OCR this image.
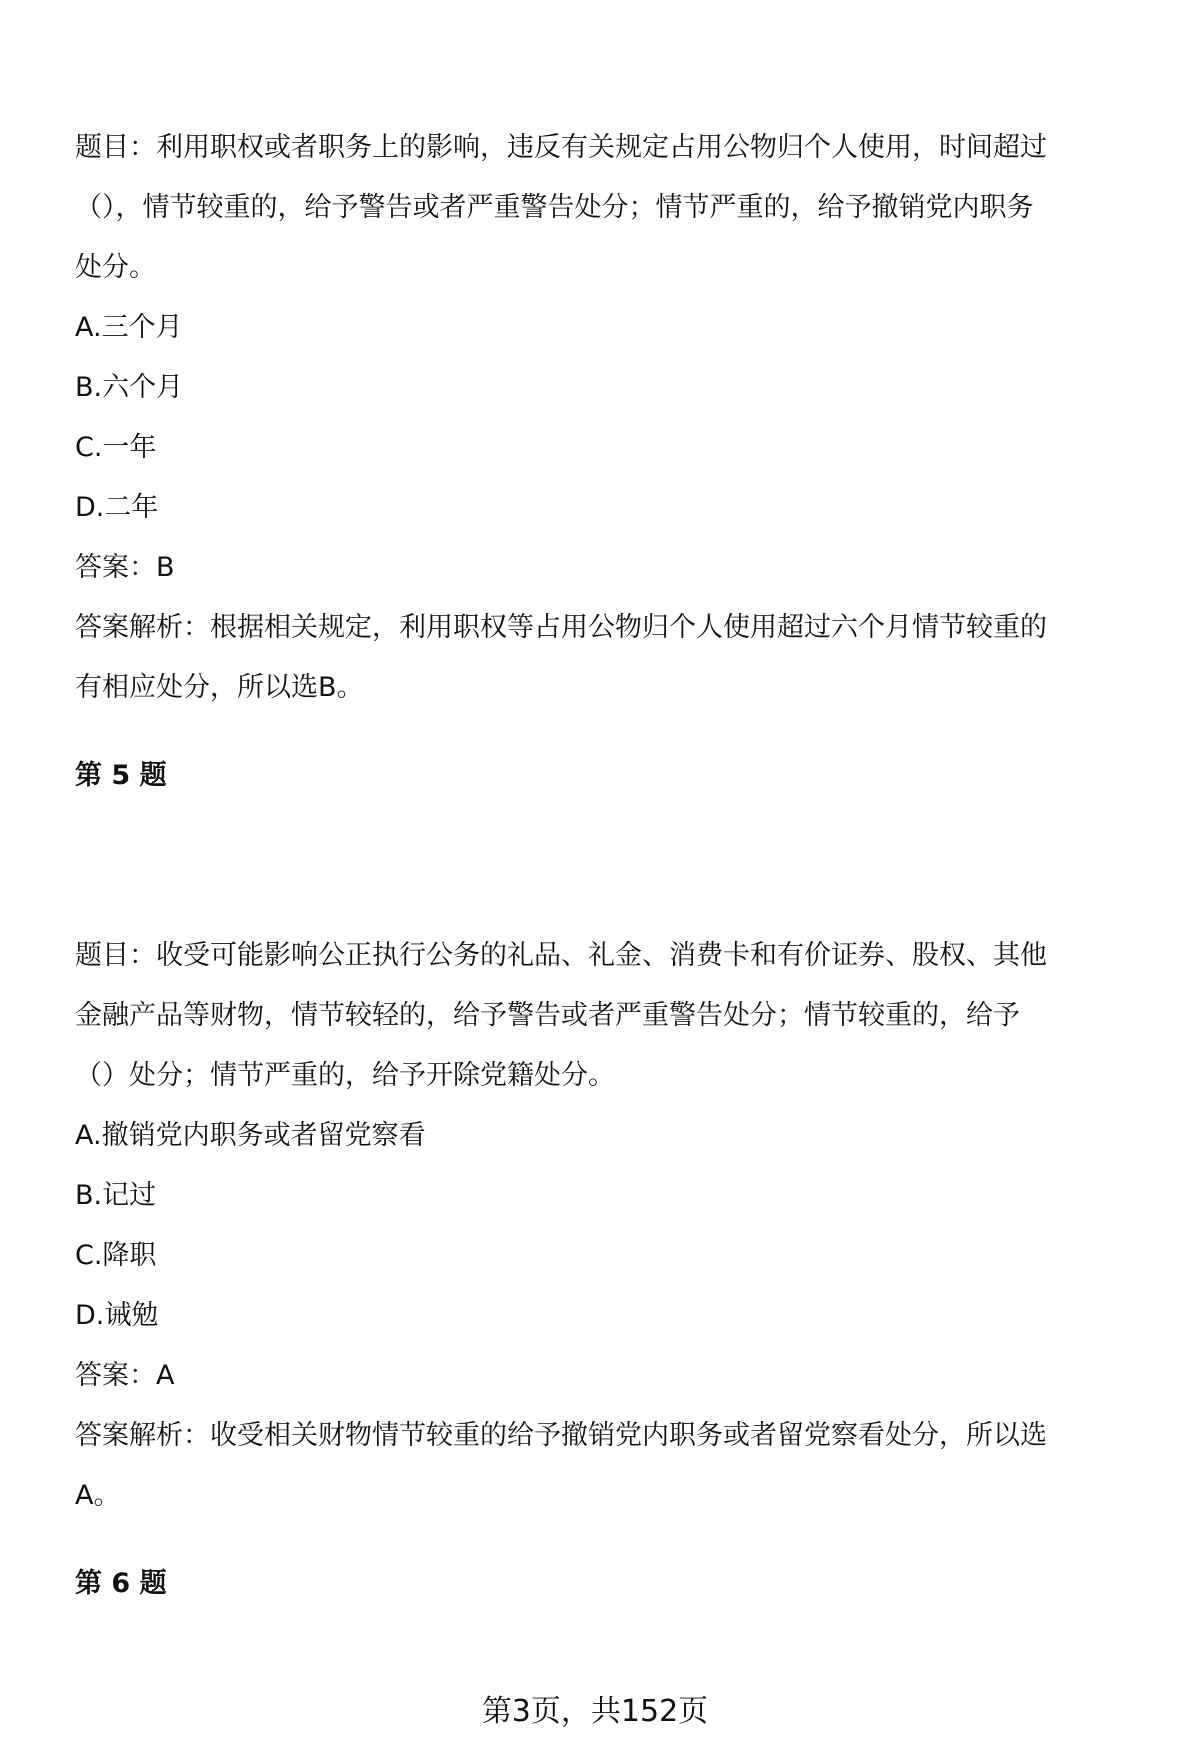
题目：利用职权或者职务上的影响，违反有关规定占用公物归个人使用，时间超过

（），情节较重的，给予警告或者严重警告处分；情节严重的，给予撤销党内职务

处分。

A.三个月

B.六个月

C.一年

D.二年

答案：B

答案解析：根据相关规定，利用职权等占用公物归个人使用超过六个月情节较重的

有相应处分，所以选B。

第 5 题

题目：收受可能影响公正执行公务的礼品、礼金、消费卡和有价证券、股权、其他

金融产品等财物，情节较轻的，给予警告或者严重警告处分；情节较重的，给予

（）处分；情节严重的，给予开除党籍处分。

A.撤销党内职务或者留党察看

B.记过

C.降职

D.诫勉

答案：A

答案解析：收受相关财物情节较重的给予撤销党内职务或者留党察看处分，所以选

A。

第 6 题

第3页，共152页
